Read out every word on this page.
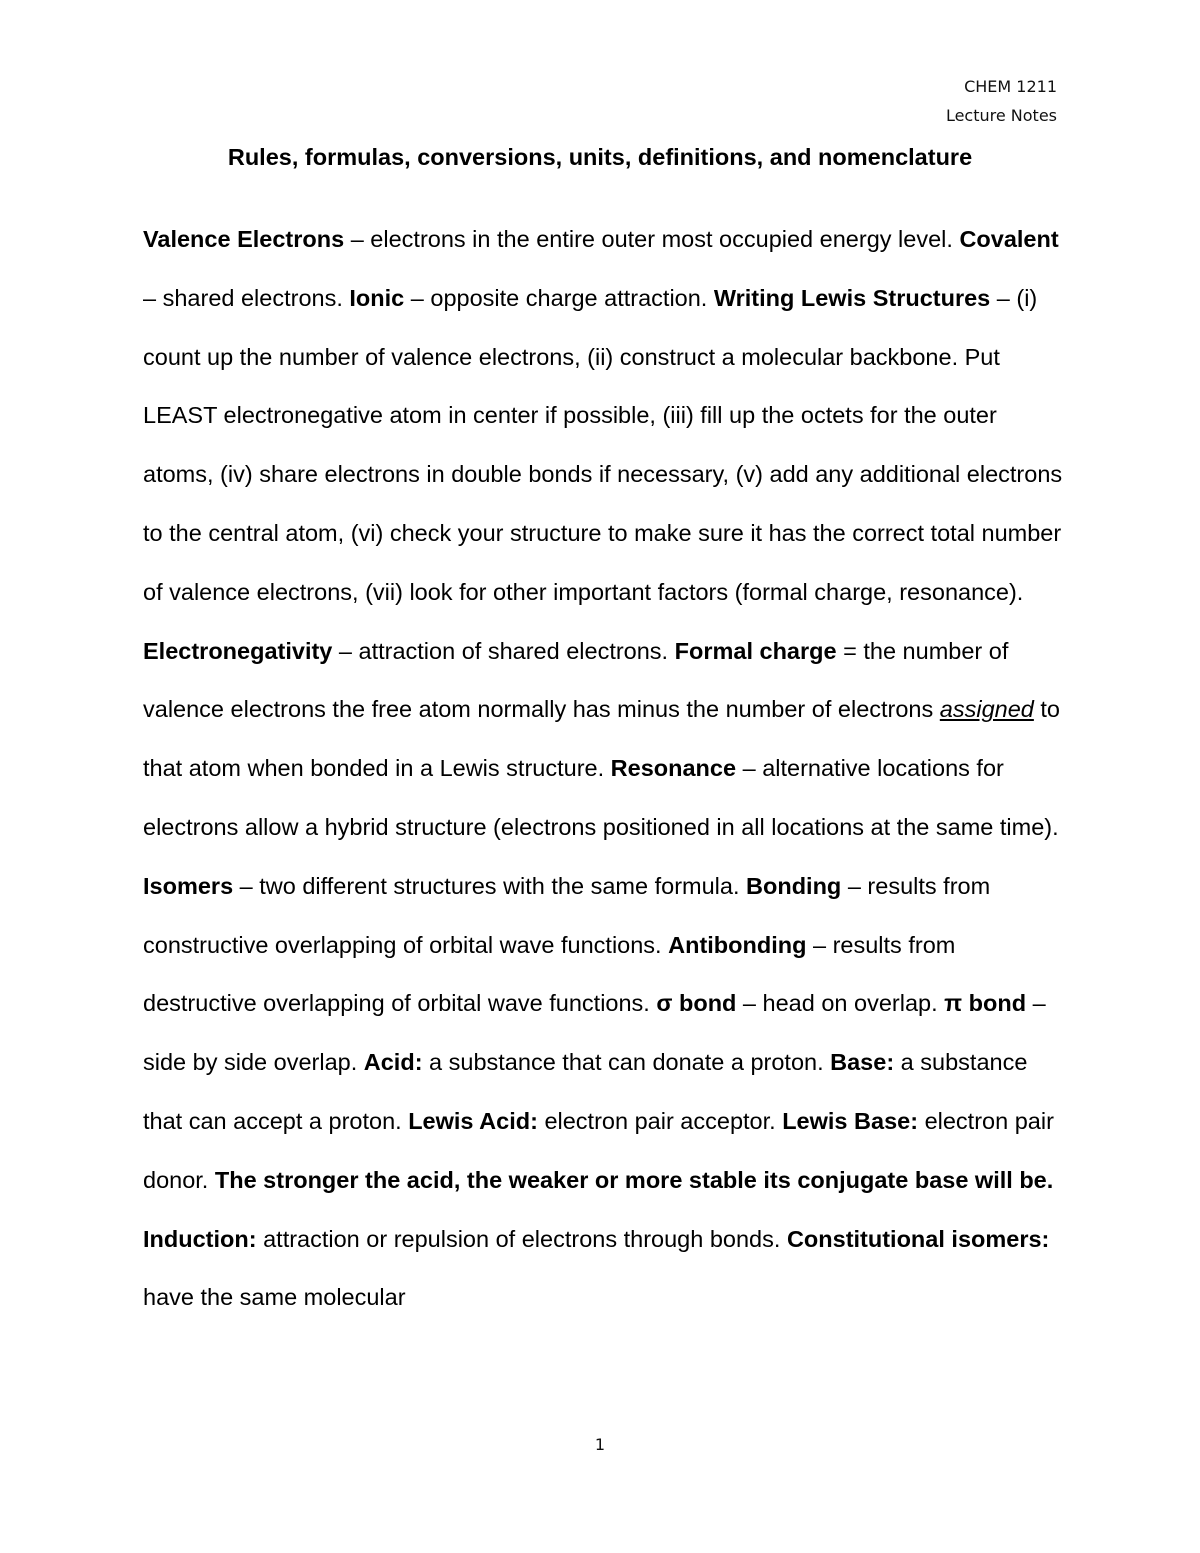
CHEM 1211
Lecture Notes
Rules, formulas, conversions, units, definitions, and nomenclature
Valence Electrons – electrons in the entire outer most occupied energy level. Covalent – shared electrons. Ionic – opposite charge attraction. Writing Lewis Structures – (i) count up the number of valence electrons, (ii) construct a molecular backbone. Put LEAST electronegative atom in center if possible, (iii) fill up the octets for the outer atoms, (iv) share electrons in double bonds if necessary, (v) add any additional electrons to the central atom, (vi) check your structure to make sure it has the correct total number of valence electrons, (vii) look for other important factors (formal charge, resonance). Electronegativity – attraction of shared electrons. Formal charge = the number of valence electrons the free atom normally has minus the number of electrons assigned to that atom when bonded in a Lewis structure. Resonance – alternative locations for electrons allow a hybrid structure (electrons positioned in all locations at the same time). Isomers – two different structures with the same formula. Bonding – results from constructive overlapping of orbital wave functions. Antibonding – results from destructive overlapping of orbital wave functions. σ bond – head on overlap. π bond – side by side overlap. Acid: a substance that can donate a proton. Base: a substance that can accept a proton. Lewis Acid: electron pair acceptor. Lewis Base: electron pair donor. The stronger the acid, the weaker or more stable its conjugate base will be. Induction: attraction or repulsion of electrons through bonds. Constitutional isomers: have the same molecular
1
